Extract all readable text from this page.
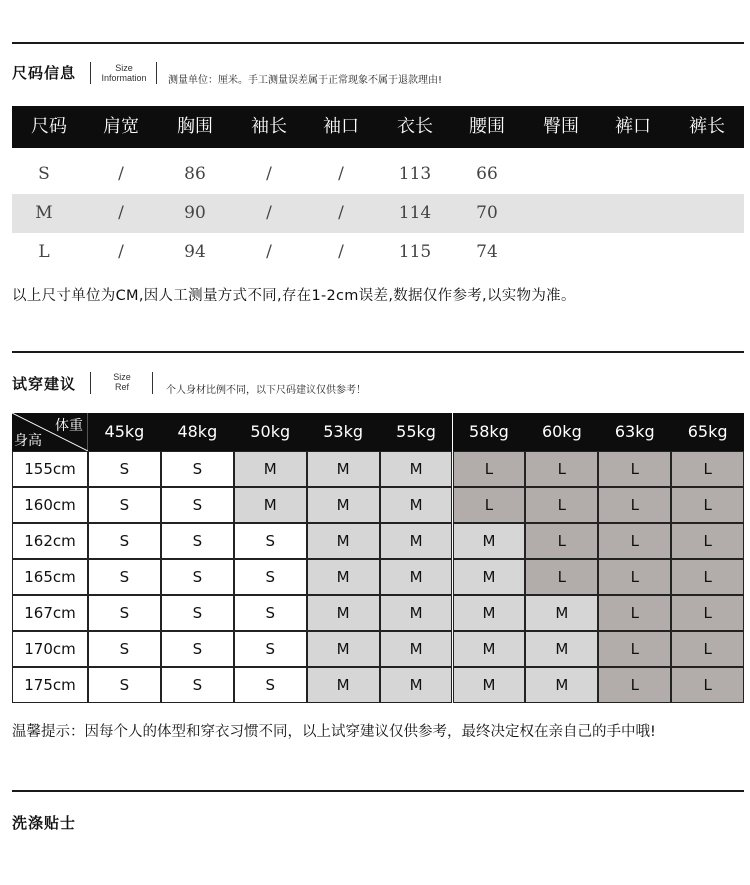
尺码信息	Size
Information	测量单位：厘米。手工测量误差属于正常现象不属于退款理由!
尺码	肩宽	胸围	袖长	袖口	衣长	腰围	臀围	裤口	裤长
S	/	86	/	/	113	66
M	/	90	/	/	114	70
L	/	94	/	/	115	74
以上尺寸单位为CM,因人工测量方式不同,存在1-2cm误差,数据仅作参考,以实物为准。
试穿建议	Size
Ref	个人身材比例不同，以下尺码建议仅供参考！
体重
身高	45kg	48kg	50kg	53kg	55kg	58kg	60kg	63kg	65kg
155cm	S	S	M	M	M	L	L	L	L
160cm	S	S	M	M	M	L	L	L	L
162cm	S	S	S	M	M	M	L	L	L
165cm	S	S	S	M	M	M	L	L	L
167cm	S	S	S	M	M	M	M	L	L
170cm	S	S	S	M	M	M	M	L	L
175cm	S	S	S	M	M	M	M	L	L
温馨提示：因每个人的体型和穿衣习惯不同，以上试穿建议仅供参考，最终决定权在亲自己的手中哦!
洗涤贴士
